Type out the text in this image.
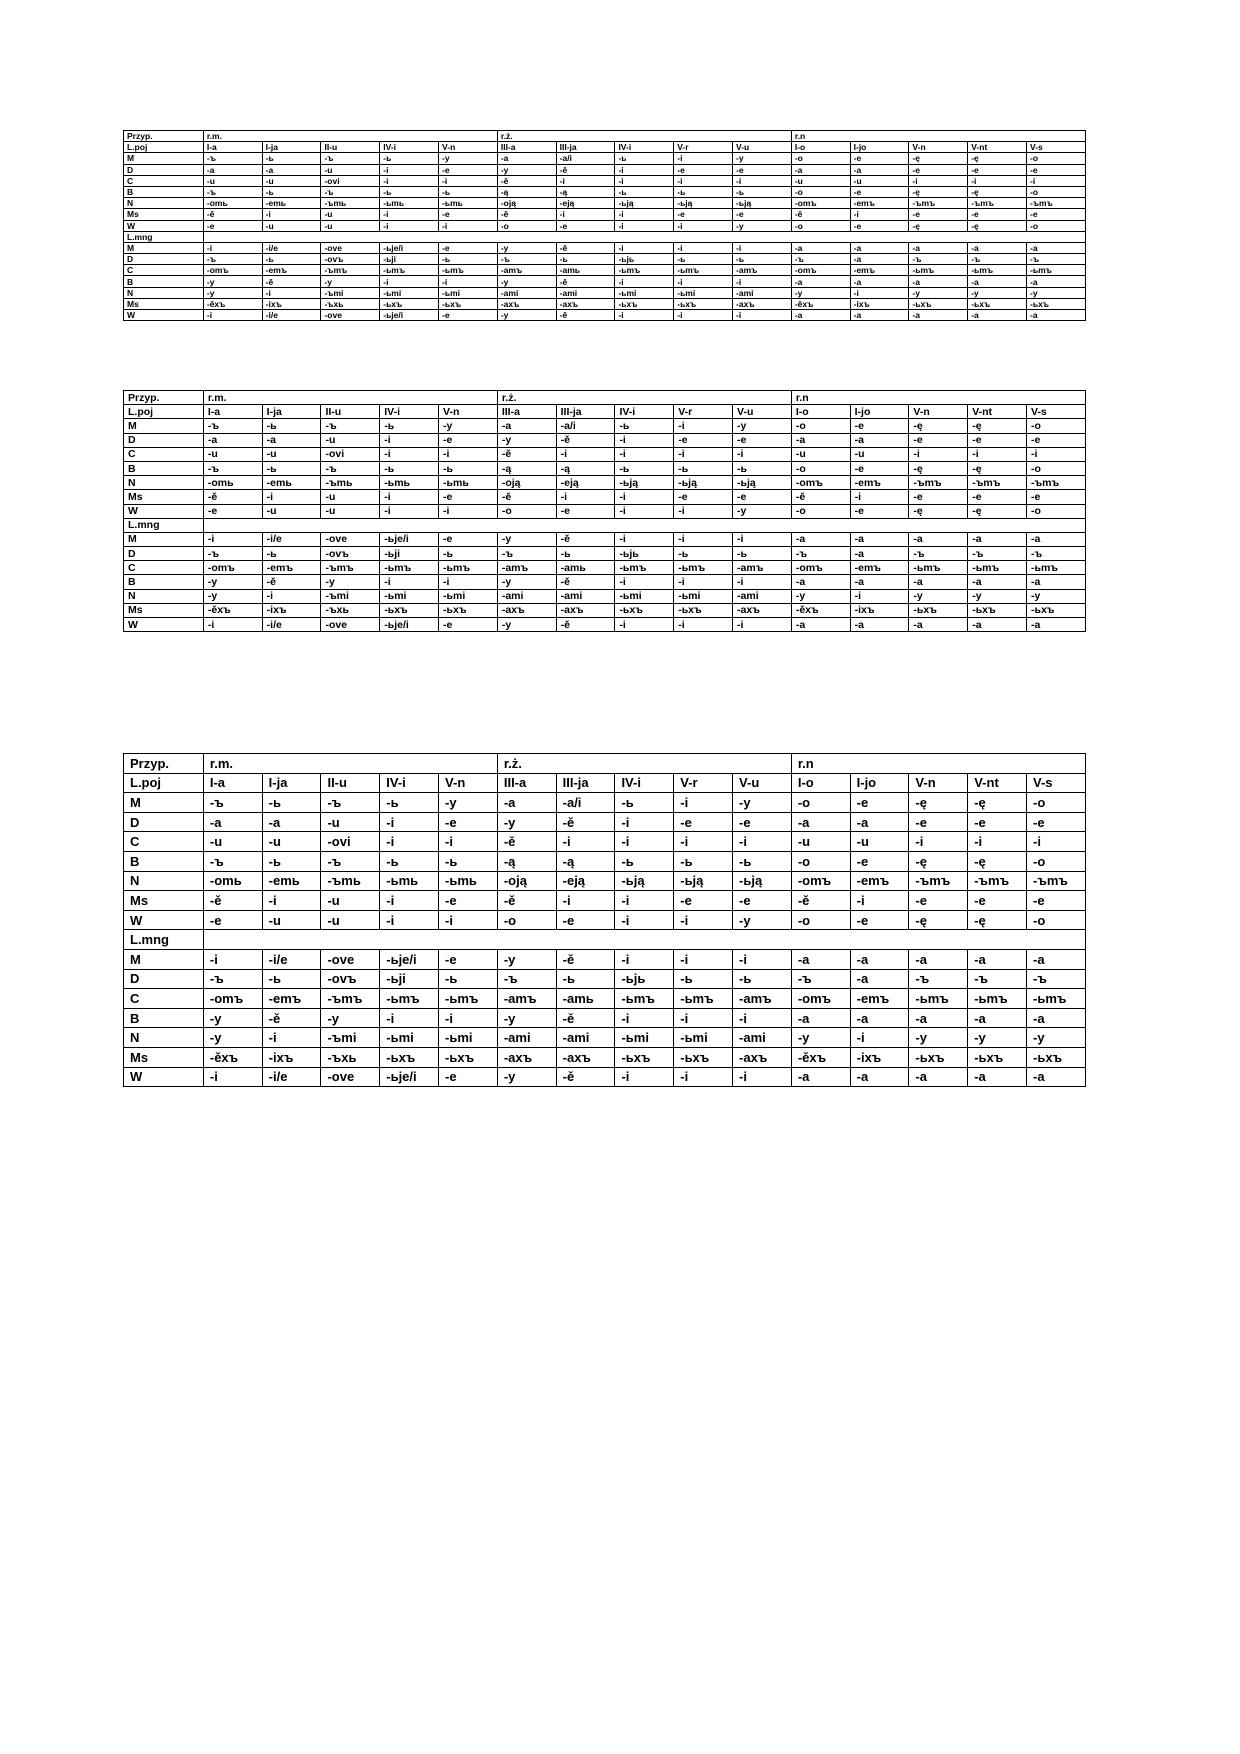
Przyp.	r.m.					r.ż.					r.n				
L.poj	I-a	I-ja	II-u	IV-i	V-n	III-a	III-ja	IV-i	V-r	V-u	I-o	I-jo	V-n	V-nt	V-s
M	-ъ	-ь	-ъ	-ь	-y	-a	-a/i	-ь	-i	-y	-o	-e	-ę	-ę	-o
D	-a	-a	-u	-i	-e	-y	-ě	-i	-e	-e	-a	-a	-e	-e	-e
C	-u	-u	-ovi	-i	-i	-ě	-i	-i	-i	-i	-u	-u	-i	-i	-i
B	-ъ	-ь	-ъ	-ь	-ь	-ą	-ą	-ь	-ь	-ь	-o	-e	-ę	-ę	-o
N	-omь	-emь	-ъmь	-ьmь	-ьmь	-oją	-eją	-ьją	-ьją	-ьją	-omъ	-emъ	-ъmъ	-ъmъ	-ъmъ
Ms	-ě	-i	-u	-i	-e	-ě	-i	-i	-e	-e	-ě	-i	-e	-e	-e
W	-e	-u	-u	-i	-i	-o	-e	-i	-i	-y	-o	-e	-ę	-ę	-o
L.mng															
M	-i	-i/e	-ove	-ьje/i	-e	-y	-ě	-i	-i	-i	-a	-a	-a	-a	-a
D	-ъ	-ь	-ovъ	-ьji	-ь	-ъ	-ь	-ьjь	-ь	-ь	-ъ	-a	-ъ	-ъ	-ъ
C	-omъ	-emъ	-ъmъ	-ьmъ	-ьmъ	-amъ	-amь	-ьmъ	-ьmъ	-amъ	-omъ	-emъ	-ьmъ	-ьmъ	-ьmъ
B	-y	-ě	-y	-i	-i	-y	-ě	-i	-i	-i	-a	-a	-a	-a	-a
N	-y	-i	-ъmi	-ьmi	-ьmi	-ami	-ami	-ьmi	-ьmi	-ami	-y	-i	-y	-y	-y
Ms	-ěxъ	-ixъ	-ъxь	-ьxъ	-ьxъ	-axъ	-axъ	-ьxъ	-ьxъ	-axъ	-ěxъ	-ixъ	-ьxъ	-ьxъ	-ьxъ
W	-i	-i/e	-ove	-ьje/i	-e	-y	-ě	-i	-i	-i	-a	-a	-a	-a	-a
Przyp.	r.m.					r.ż.					r.n				
L.poj	I-a	I-ja	II-u	IV-i	V-n	III-a	III-ja	IV-i	V-r	V-u	I-o	I-jo	V-n	V-nt	V-s
M	-ъ	-ь	-ъ	-ь	-y	-a	-a/i	-ь	-i	-y	-o	-e	-ę	-ę	-o
D	-a	-a	-u	-i	-e	-y	-ě	-i	-e	-e	-a	-a	-e	-e	-e
C	-u	-u	-ovi	-i	-i	-ě	-i	-i	-i	-i	-u	-u	-i	-i	-i
B	-ъ	-ь	-ъ	-ь	-ь	-ą	-ą	-ь	-ь	-ь	-o	-e	-ę	-ę	-o
N	-omь	-emь	-ъmь	-ьmь	-ьmь	-oją	-eją	-ьją	-ьją	-ьją	-omъ	-emъ	-ъmъ	-ъmъ	-ъmъ
Ms	-ě	-i	-u	-i	-e	-ě	-i	-i	-e	-e	-ě	-i	-e	-e	-e
W	-e	-u	-u	-i	-i	-o	-e	-i	-i	-y	-o	-e	-ę	-ę	-o
L.mng															
M	-i	-i/e	-ove	-ьje/i	-e	-y	-ě	-i	-i	-i	-a	-a	-a	-a	-a
D	-ъ	-ь	-ovъ	-ьji	-ь	-ъ	-ь	-ьjь	-ь	-ь	-ъ	-a	-ъ	-ъ	-ъ
C	-omъ	-emъ	-ъmъ	-ьmъ	-ьmъ	-amъ	-amь	-ьmъ	-ьmъ	-amъ	-omъ	-emъ	-ьmъ	-ьmъ	-ьmъ
B	-y	-ě	-y	-i	-i	-y	-ě	-i	-i	-i	-a	-a	-a	-a	-a
N	-y	-i	-ъmi	-ьmi	-ьmi	-ami	-ami	-ьmi	-ьmi	-ami	-y	-i	-y	-y	-y
Ms	-ěxъ	-ixъ	-ъxь	-ьxъ	-ьxъ	-axъ	-axъ	-ьxъ	-ьxъ	-axъ	-ěxъ	-ixъ	-ьxъ	-ьxъ	-ьxъ
W	-i	-i/e	-ove	-ьje/i	-e	-y	-ě	-i	-i	-i	-a	-a	-a	-a	-a
Przyp.	r.m.					r.ż.					r.n				
L.poj	I-a	I-ja	II-u	IV-i	V-n	III-a	III-ja	IV-i	V-r	V-u	I-o	I-jo	V-n	V-nt	V-s
M	-ъ	-ь	-ъ	-ь	-y	-a	-a/i	-ь	-i	-y	-o	-e	-ę	-ę	-o
D	-a	-a	-u	-i	-e	-y	-ě	-i	-e	-e	-a	-a	-e	-e	-e
C	-u	-u	-ovi	-i	-i	-ě	-i	-i	-i	-i	-u	-u	-i	-i	-i
B	-ъ	-ь	-ъ	-ь	-ь	-ą	-ą	-ь	-ь	-ь	-o	-e	-ę	-ę	-o
N	-omь	-emь	-ъmь	-ьmь	-ьmь	-oją	-eją	-ьją	-ьją	-ьją	-omъ	-emъ	-ъmъ	-ъmъ	-ъmъ
Ms	-ě	-i	-u	-i	-e	-ě	-i	-i	-e	-e	-ě	-i	-e	-e	-e
W	-e	-u	-u	-i	-i	-o	-e	-i	-i	-y	-o	-e	-ę	-ę	-o
L.mng															
M	-i	-i/e	-ove	-ьje/i	-e	-y	-ě	-i	-i	-i	-a	-a	-a	-a	-a
D	-ъ	-ь	-ovъ	-ьji	-ь	-ъ	-ь	-ьjь	-ь	-ь	-ъ	-a	-ъ	-ъ	-ъ
C	-omъ	-emъ	-ъmъ	-ьmъ	-ьmъ	-amъ	-amь	-ьmъ	-ьmъ	-amъ	-omъ	-emъ	-ьmъ	-ьmъ	-ьmъ
B	-y	-ě	-y	-i	-i	-y	-ě	-i	-i	-i	-a	-a	-a	-a	-a
N	-y	-i	-ъmi	-ьmi	-ьmi	-ami	-ami	-ьmi	-ьmi	-ami	-y	-i	-y	-y	-y
Ms	-ěxъ	-ixъ	-ъxь	-ьxъ	-ьxъ	-axъ	-axъ	-ьxъ	-ьxъ	-axъ	-ěxъ	-ixъ	-ьxъ	-ьxъ	-ьxъ
W	-i	-i/e	-ove	-ьje/i	-e	-y	-ě	-i	-i	-i	-a	-a	-a	-a	-a
